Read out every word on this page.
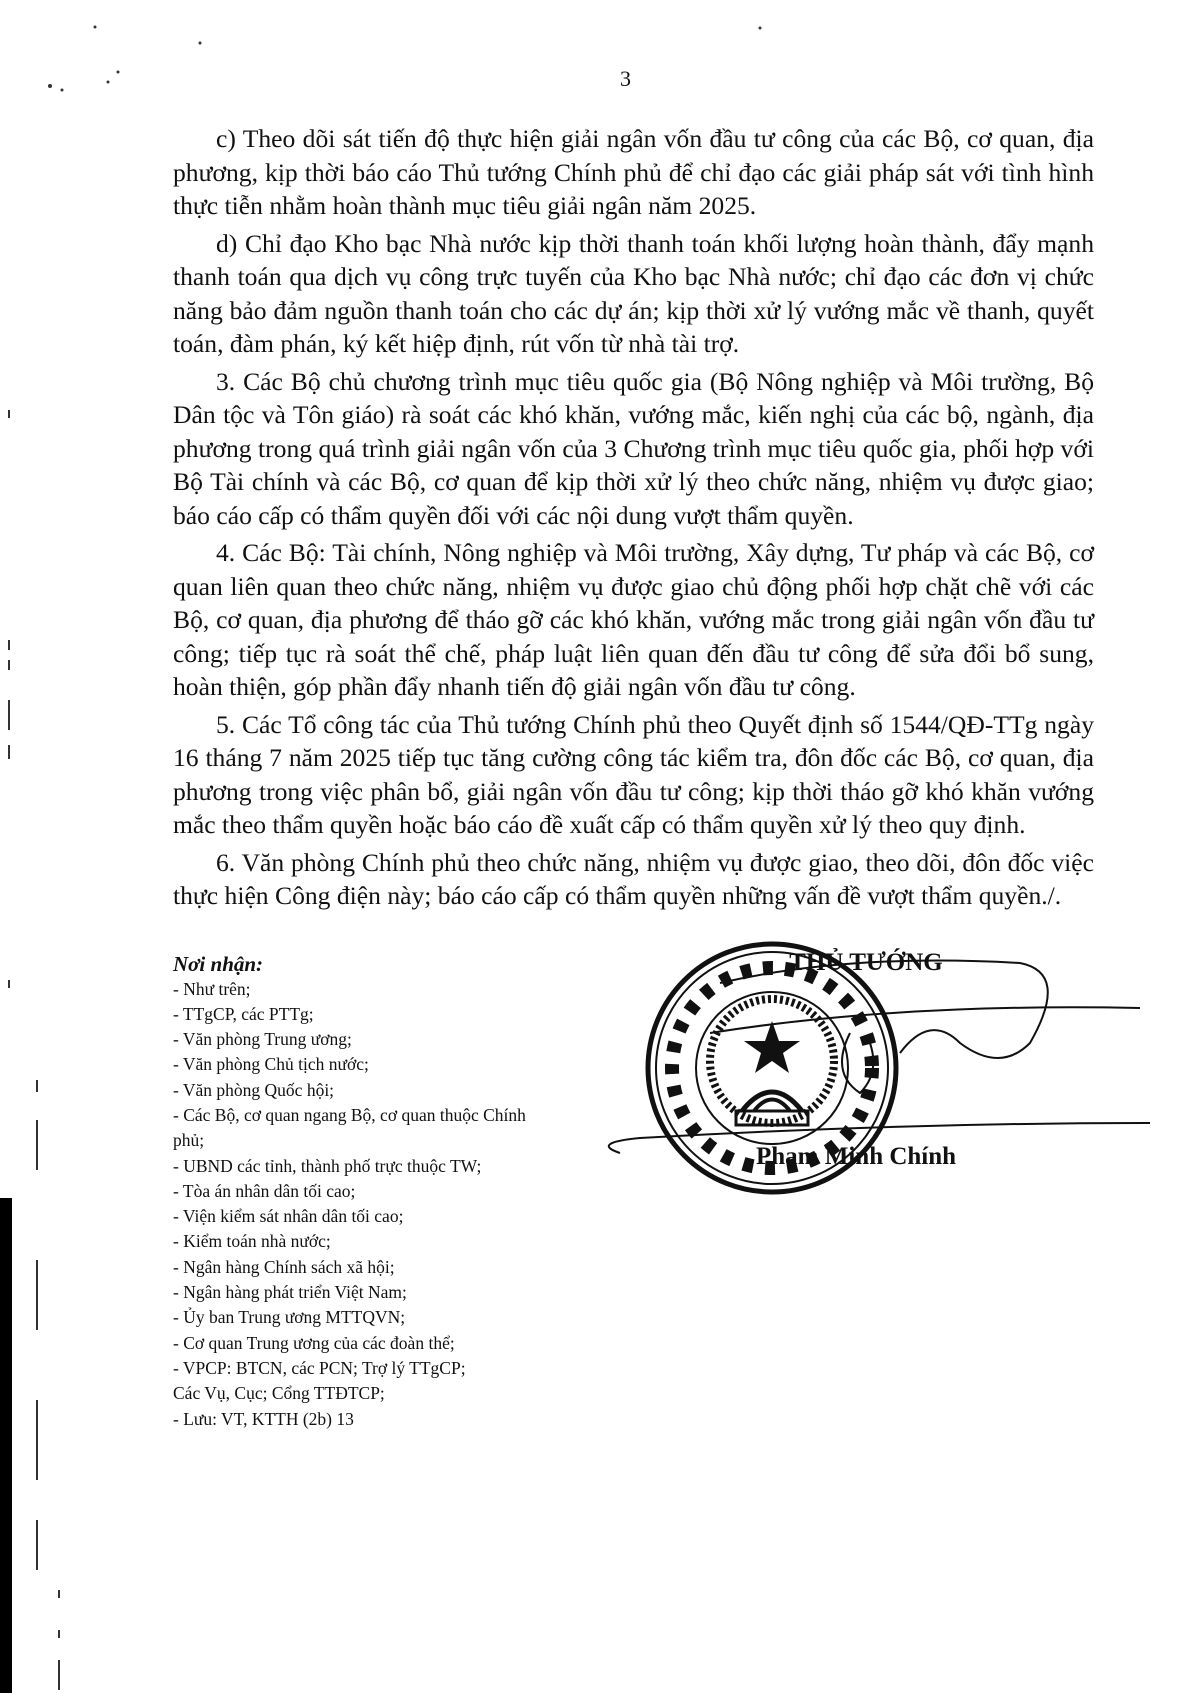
3

c) Theo dõi sát tiến độ thực hiện giải ngân vốn đầu tư công của các Bộ, cơ quan, địa phương, kịp thời báo cáo Thủ tướng Chính phủ để chỉ đạo các giải pháp sát với tình hình thực tiễn nhằm hoàn thành mục tiêu giải ngân năm 2025.

d) Chỉ đạo Kho bạc Nhà nước kịp thời thanh toán khối lượng hoàn thành, đẩy mạnh thanh toán qua dịch vụ công trực tuyến của Kho bạc Nhà nước; chỉ đạo các đơn vị chức năng bảo đảm nguồn thanh toán cho các dự án; kịp thời xử lý vướng mắc về thanh, quyết toán, đàm phán, ký kết hiệp định, rút vốn từ nhà tài trợ.

3. Các Bộ chủ chương trình mục tiêu quốc gia (Bộ Nông nghiệp và Môi trường, Bộ Dân tộc và Tôn giáo) rà soát các khó khăn, vướng mắc, kiến nghị của các bộ, ngành, địa phương trong quá trình giải ngân vốn của 3 Chương trình mục tiêu quốc gia, phối hợp với Bộ Tài chính và các Bộ, cơ quan để kịp thời xử lý theo chức năng, nhiệm vụ được giao; báo cáo cấp có thẩm quyền đối với các nội dung vượt thẩm quyền.

4. Các Bộ: Tài chính, Nông nghiệp và Môi trường, Xây dựng, Tư pháp và các Bộ, cơ quan liên quan theo chức năng, nhiệm vụ được giao chủ động phối hợp chặt chẽ với các Bộ, cơ quan, địa phương để tháo gỡ các khó khăn, vướng mắc trong giải ngân vốn đầu tư công; tiếp tục rà soát thể chế, pháp luật liên quan đến đầu tư công để sửa đổi bổ sung, hoàn thiện, góp phần đẩy nhanh tiến độ giải ngân vốn đầu tư công.

5. Các Tổ công tác của Thủ tướng Chính phủ theo Quyết định số 1544/QĐ-TTg ngày 16 tháng 7 năm 2025 tiếp tục tăng cường công tác kiểm tra, đôn đốc các Bộ, cơ quan, địa phương trong việc phân bổ, giải ngân vốn đầu tư công; kịp thời tháo gỡ khó khăn vướng mắc theo thẩm quyền hoặc báo cáo đề xuất cấp có thẩm quyền xử lý theo quy định.

6. Văn phòng Chính phủ theo chức năng, nhiệm vụ được giao, theo dõi, đôn đốc việc thực hiện Công điện này; báo cáo cấp có thẩm quyền những vấn đề vượt thẩm quyền./.

Nơi nhận:
- Như trên;
- TTgCP, các PTTg;
- Văn phòng Trung ương;
- Văn phòng Chủ tịch nước;
- Văn phòng Quốc hội;
- Các Bộ, cơ quan ngang Bộ, cơ quan thuộc Chính
phủ;
- UBND các tỉnh, thành phố trực thuộc TW;
- Tòa án nhân dân tối cao;
- Viện kiểm sát nhân dân tối cao;
- Kiểm toán nhà nước;
- Ngân hàng Chính sách xã hội;
- Ngân hàng phát triển Việt Nam;
- Ủy ban Trung ương MTTQVN;
- Cơ quan Trung ương của các đoàn thể;
- VPCP: BTCN, các PCN; Trợ lý TTgCP;
Các Vụ, Cục; Cổng TTĐTCP;
- Lưu: VT, KTTH (2b) 13
THỦ TƯỚNG
Phạm Minh Chính
